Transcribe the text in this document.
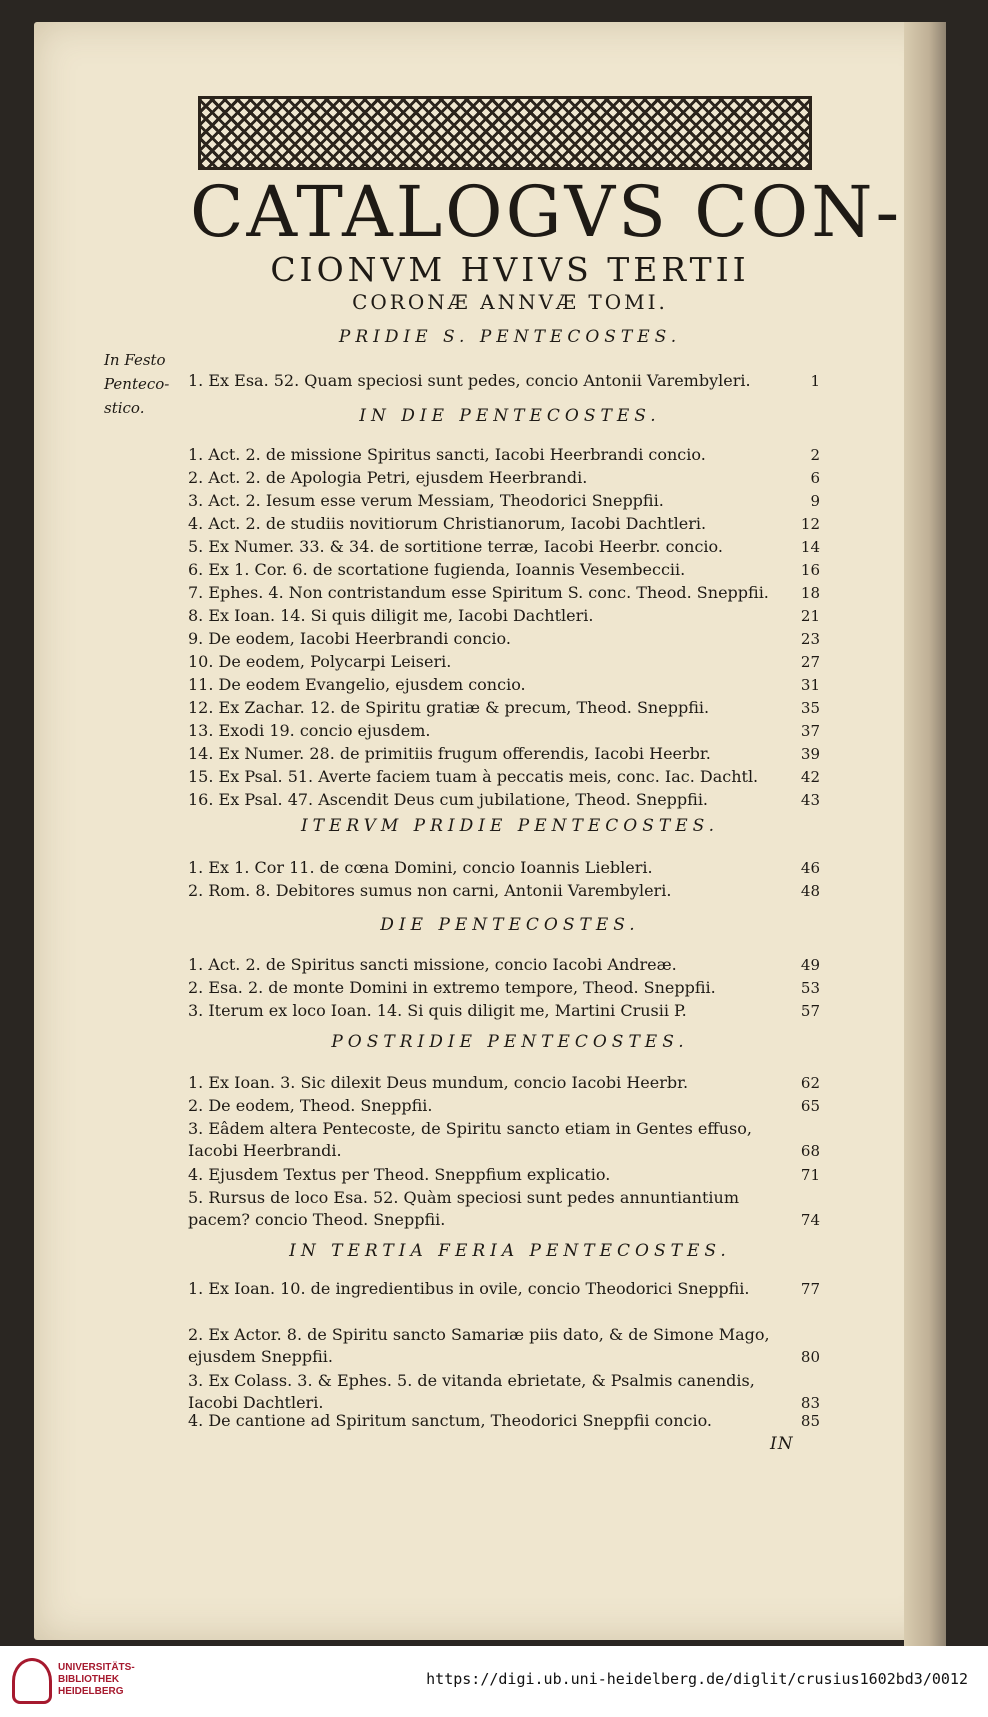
CATALOGVS CON-
CIONVM HVIVS TERTII
CORONÆ ANNVÆ TOMI.
In Festo
Penteco-
stico.
PRIDIE S. PENTECOSTES.
1. Ex Esa. 52. Quam speciosi sunt pedes, concio Antonii Varembyleri.	1
IN DIE PENTECOSTES.
1. Act. 2. de missione Spiritus sancti, Iacobi Heerbrandi concio.	2
2. Act. 2. de Apologia Petri, ejusdem Heerbrandi.	6
3. Act. 2. Iesum esse verum Messiam, Theodorici Sneppfii.	9
4. Act. 2. de studiis novitiorum Christianorum, Iacobi Dachtleri.	12
5. Ex Numer. 33. & 34. de sortitione terræ, Iacobi Heerbr. concio.	14
6. Ex 1. Cor. 6. de scortatione fugienda, Ioannis Vesembeccii.	16
7. Ephes. 4. Non contristandum esse Spiritum S. conc. Theod. Sneppfii.	18
8. Ex Ioan. 14. Si quis diligit me, Iacobi Dachtleri.	21
9. De eodem, Iacobi Heerbrandi concio.	23
10. De eodem, Polycarpi Leiseri.	27
11. De eodem Evangelio, ejusdem concio.	31
12. Ex Zachar. 12. de Spiritu gratiæ & precum, Theod. Sneppfii.	35
13. Exodi 19. concio ejusdem.	37
14. Ex Numer. 28. de primitiis frugum offerendis, Iacobi Heerbr.	39
15. Ex Psal. 51. Averte faciem tuam à peccatis meis, conc. Iac. Dachtl.	42
16. Ex Psal. 47. Ascendit Deus cum jubilatione, Theod. Sneppfii.	43
ITERVM PRIDIE PENTECOSTES.
1. Ex 1. Cor 11. de cœna Domini, concio Ioannis Liebleri.	46
2. Rom. 8. Debitores sumus non carni, Antonii Varembyleri.	48
DIE PENTECOSTES.
1. Act. 2. de Spiritus sancti missione, concio Iacobi Andreæ.	49
2. Esa. 2. de monte Domini in extremo tempore, Theod. Sneppfii.	53
3. Iterum ex loco Ioan. 14. Si quis diligit me, Martini Crusii P.	57
POSTRIDIE PENTECOSTES.
1. Ex Ioan. 3. Sic dilexit Deus mundum, concio Iacobi Heerbr.	62
2. De eodem, Theod. Sneppfii.	65
3. Eâdem altera Pentecoste, de Spiritu sancto etiam in Gentes effuso, Iacobi Heerbrandi.	68
4. Ejusdem Textus per Theod. Sneppfium explicatio.	71
5. Rursus de loco Esa. 52. Quàm speciosi sunt pedes annuntiantium pacem? concio Theod. Sneppfii.	74
IN TERTIA FERIA PENTECOSTES.
1. Ex Ioan. 10. de ingredientibus in ovile, concio Theodorici Sneppfii.	77
2. Ex Actor. 8. de Spiritu sancto Samariæ piis dato, & de Simone Mago, ejusdem Sneppfii.	80
3. Ex Colass. 3. & Ephes. 5. de vitanda ebrietate, & Psalmis canendis, Iacobi Dachtleri.	83
4. De cantione ad Spiritum sanctum, Theodorici Sneppfii concio.	85
IN
UNIVERSITÄTS-
BIBLIOTHEK
HEIDELBERG
https://digi.ub.uni-heidelberg.de/diglit/crusius1602bd3/0012
